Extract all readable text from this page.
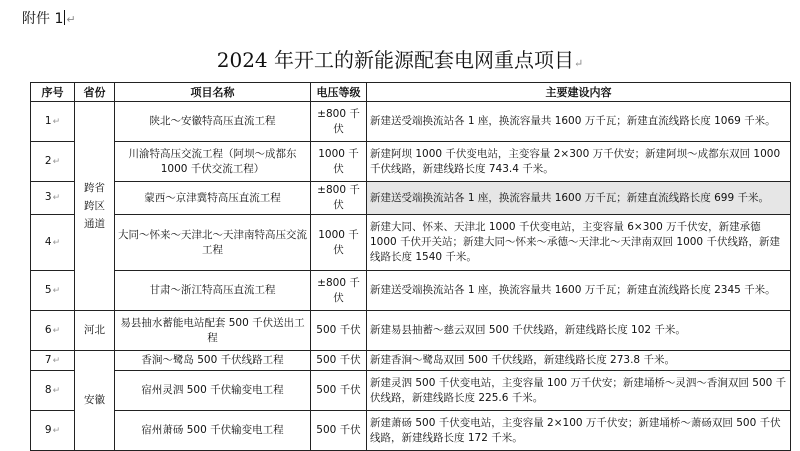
附件 1 ↵
2024 年开工的新能源配套电网重点项目↵
序号	省份	项目名称	电压等级	主要建设内容
1↵	跨省跨区通道	陕北～安徽特高压直流工程	±800 千伏	新建送受端换流站各 1 座，换流容量共 1600 万千瓦；新建直流线路长度 1069 千米。
2↵		川渝特高压交流工程（阿坝～成都东 1000 千伏交流工程）	1000 千伏	新建阿坝 1000 千伏变电站，主变容量 2×300 万千伏安；新建阿坝～成都东双回 1000 千伏线路，新建线路长度 743.4 千米。
3↵		蒙西～京津冀特高压直流工程	±800 千伏	新建送受端换流站各 1 座，换流容量共 1600 万千瓦；新建直流线路长度 699 千米。
4↵		大同～怀来～天津北～天津南特高压交流工程	1000 千伏	新建大同、怀来、天津北 1000 千伏变电站，主变容量 6×300 万千伏安，新建承德 1000 千伏开关站；新建大同～怀来～承德～天津北～天津南双回 1000 千伏线路，新建线路长度 1540 千米。
5↵		甘肃～浙江特高压直流工程	±800 千伏	新建送受端换流站各 1 座，换流容量共 1600 万千瓦；新建直流线路长度 2345 千米。
6↵	河北	易县抽水蓄能电站配套 500 千伏送出工程	500 千伏	新建易县抽蓄～慈云双回 500 千伏线路，新建线路长度 102 千米。
7↵	安徽	香涧～鹭岛 500 千伏线路工程	500 千伏	新建香涧～鹭岛双回 500 千伏线路，新建线路长度 273.8 千米。
8↵		宿州灵泗 500 千伏输变电工程	500 千伏	新建灵泗 500 千伏变电站，主变容量 100 万千伏安；新建埇桥～灵泗～香涧双回 500 千伏线路，新建线路长度 225.6 千米。
9↵		宿州萧砀 500 千伏输变电工程	500 千伏	新建萧砀 500 千伏变电站，主变容量 2×100 万千伏安；新建埇桥～萧砀双回 500 千伏线路，新建线路长度 172 千米。
